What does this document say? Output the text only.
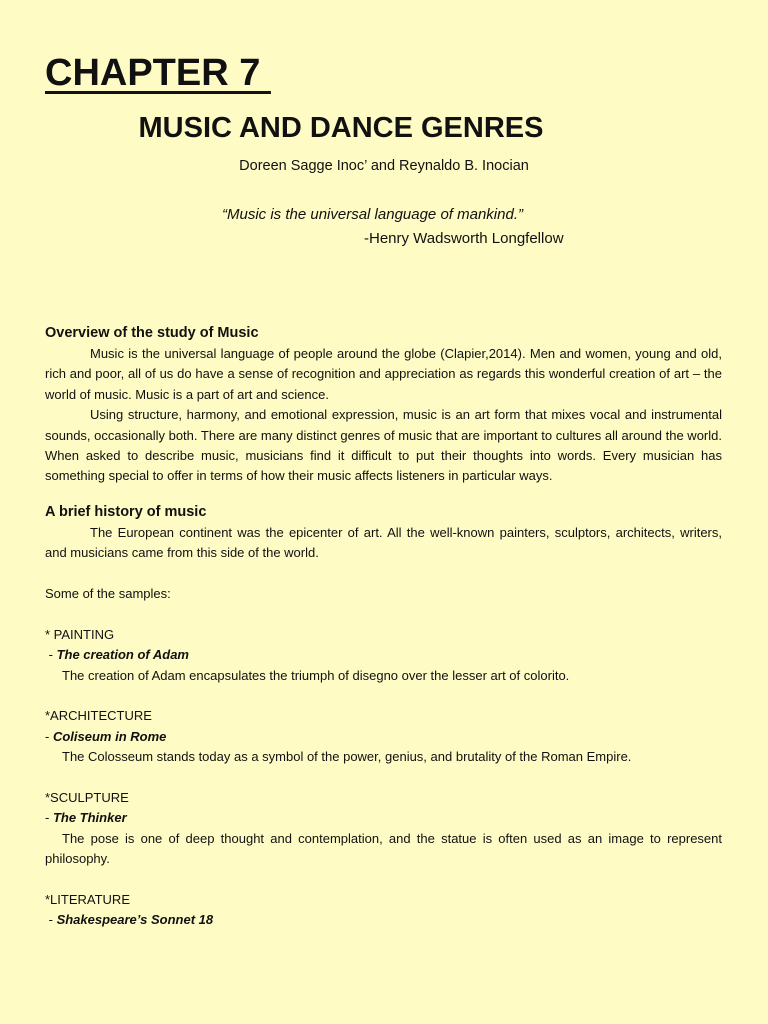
CHAPTER 7
MUSIC AND DANCE GENRES
Doreen Sagge Inoc’ and Reynaldo B. Inocian
“Music is the universal language of mankind.”
-Henry Wadsworth Longfellow
Overview of the study of Music

Music is the universal language of people around the globe (Clapier,2014). Men and women, young and old, rich and poor, all of us do have a sense of recognition and appreciation as regards this wonderful creation of art – the world of music. Music is a part of art and science.

Using structure, harmony, and emotional expression, music is an art form that mixes vocal and instrumental sounds, occasionally both. There are many distinct genres of music that are important to cultures all around the world. When asked to describe music, musicians find it difficult to put their thoughts into words. Every musician has something special to offer in terms of how their music affects listeners in particular ways.

A brief history of music

The European continent was the epicenter of art. All the well-known painters, sculptors, architects, writers, and musicians came from this side of the world.

Some of the samples:
* PAINTING
- The creation of Adam
The creation of Adam encapsulates the triumph of disegno over the lesser art of colorito.
*ARCHITECTURE
- Coliseum in Rome
The Colosseum stands today as a symbol of the power, genius, and brutality of the Roman Empire.
*SCULPTURE
- The Thinker

The pose is one of deep thought and contemplation, and the statue is often used as an image to represent philosophy.

*LITERATURE
- Shakespeare’s Sonnet 18
